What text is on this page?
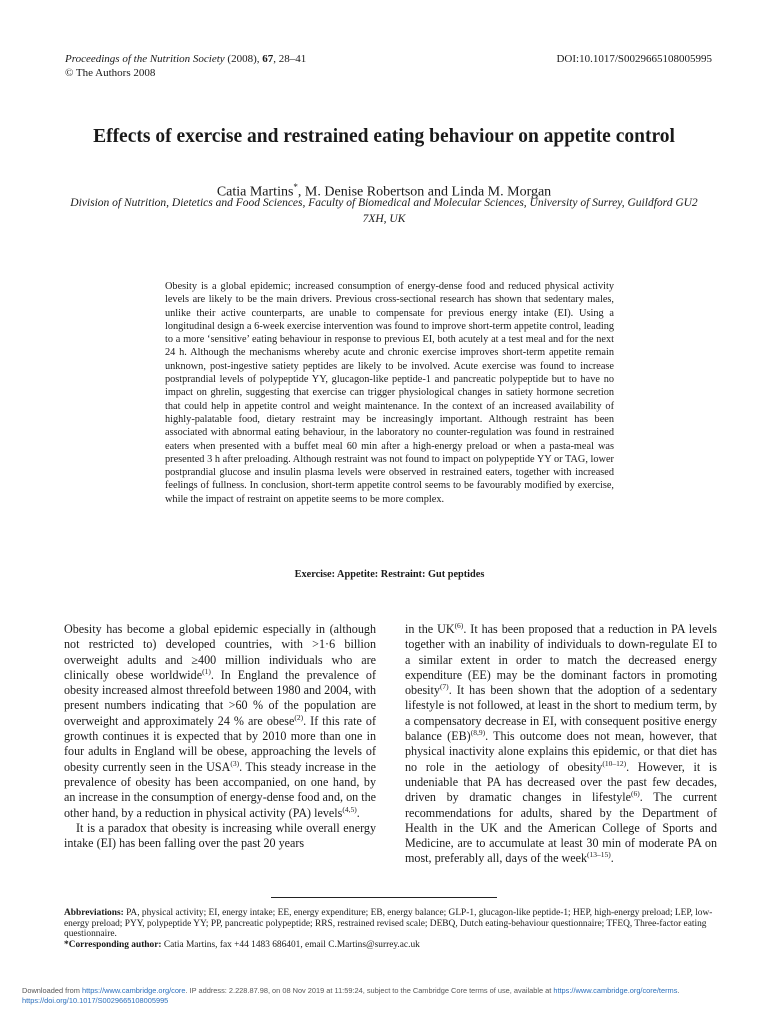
Proceedings of the Nutrition Society (2008), 67, 28–41
© The Authors 2008
DOI:10.1017/S0029665108005995
Effects of exercise and restrained eating behaviour on appetite control
Catia Martins*, M. Denise Robertson and Linda M. Morgan
Division of Nutrition, Dietetics and Food Sciences, Faculty of Biomedical and Molecular Sciences, University of Surrey, Guildford GU2 7XH, UK
Obesity is a global epidemic; increased consumption of energy-dense food and reduced physical activity levels are likely to be the main drivers. Previous cross-sectional research has shown that sedentary males, unlike their active counterparts, are unable to compensate for previous energy intake (EI). Using a longitudinal design a 6-week exercise intervention was found to improve short-term appetite control, leading to a more ‘sensitive’ eating behaviour in response to previous EI, both acutely at a test meal and for the next 24 h. Although the mechanisms whereby acute and chronic exercise improves short-term appetite remain unknown, post-ingestive satiety peptides are likely to be involved. Acute exercise was found to increase postprandial levels of polypeptide YY, glucagon-like peptide-1 and pancreatic polypeptide but to have no impact on ghrelin, suggesting that exercise can trigger physiological changes in satiety hormone secretion that could help in appetite control and weight maintenance. In the context of an increased availability of highly-palatable food, dietary restraint may be increasingly important. Although restraint has been associated with abnormal eating behaviour, in the laboratory no counter-regulation was found in restrained eaters when presented with a buffet meal 60 min after a high-energy preload or when a pasta-meal was presented 3 h after preloading. Although restraint was not found to impact on polypeptide YY or TAG, lower postprandial glucose and insulin plasma levels were observed in restrained eaters, together with increased feelings of fullness. In conclusion, short-term appetite control seems to be favourably modified by exercise, while the impact of restraint on appetite seems to be more complex.
Exercise: Appetite: Restraint: Gut peptides

Obesity has become a global epidemic especially in (although not restricted to) developed countries, with >1·6 billion overweight adults and ≥400 million individuals who are clinically obese worldwide$^{(1)}$. In England the prevalence of obesity increased almost threefold between 1980 and 2004, with present numbers indicating that >60 % of the population are overweight and approximately 24 % are obese$^{(2)}$. If this rate of growth continues it is expected that by 2010 more than one in four adults in England will be obese, approaching the levels of obesity currently seen in the USA$^{(3)}$. This steady increase in the prevalence of obesity has been accompanied, on one hand, by an increase in the consumption of energy-dense food and, on the other hand, by a reduction in physical activity (PA) levels$^{(4,5)}$.

It is a paradox that obesity is increasing while overall energy intake (EI) has been falling over the past 20 years

in the UK$^{(6)}$. It has been proposed that a reduction in PA levels together with an inability of individuals to down-regulate EI to a similar extent in order to match the decreased energy expenditure (EE) may be the dominant factors in promoting obesity$^{(7)}$. It has been shown that the adoption of a sedentary lifestyle is not followed, at least in the short to medium term, by a compensatory decrease in EI, with consequent positive energy balance (EB)$^{(8,9)}$. This outcome does not mean, however, that physical inactivity alone explains this epidemic, or that diet has no role in the aetiology of obesity$^{(10-12)}$. However, it is undeniable that PA has decreased over the past few decades, driven by dramatic changes in lifestyle$^{(6)}$. The current recommendations for adults, shared by the Department of Health in the UK and the American College of Sports and Medicine, are to accumulate at least 30 min of moderate PA on most, preferably all, days of the week$^{(13-15)}$.

Abbreviations: PA, physical activity; EI, energy intake; EE, energy expenditure; EB, energy balance; GLP-1, glucagon-like peptide-1; HEP, high-energy preload; LEP, low-energy preload; PYY, polypeptide YY; PP, pancreatic polypeptide; RRS, restrained revised scale; DEBQ, Dutch eating-behaviour questionnaire; TFEQ, Three-factor eating questionnaire.

*Corresponding author: Catia Martins, fax +44 1483 686401, email C.Martins@surrey.ac.uk

Downloaded from https://www.cambridge.org/core. IP address: 2.228.87.98, on 08 Nov 2019 at 11:59:24, subject to the Cambridge Core terms of use, available at https://www.cambridge.org/core/terms. https://doi.org/10.1017/S0029665108005995
